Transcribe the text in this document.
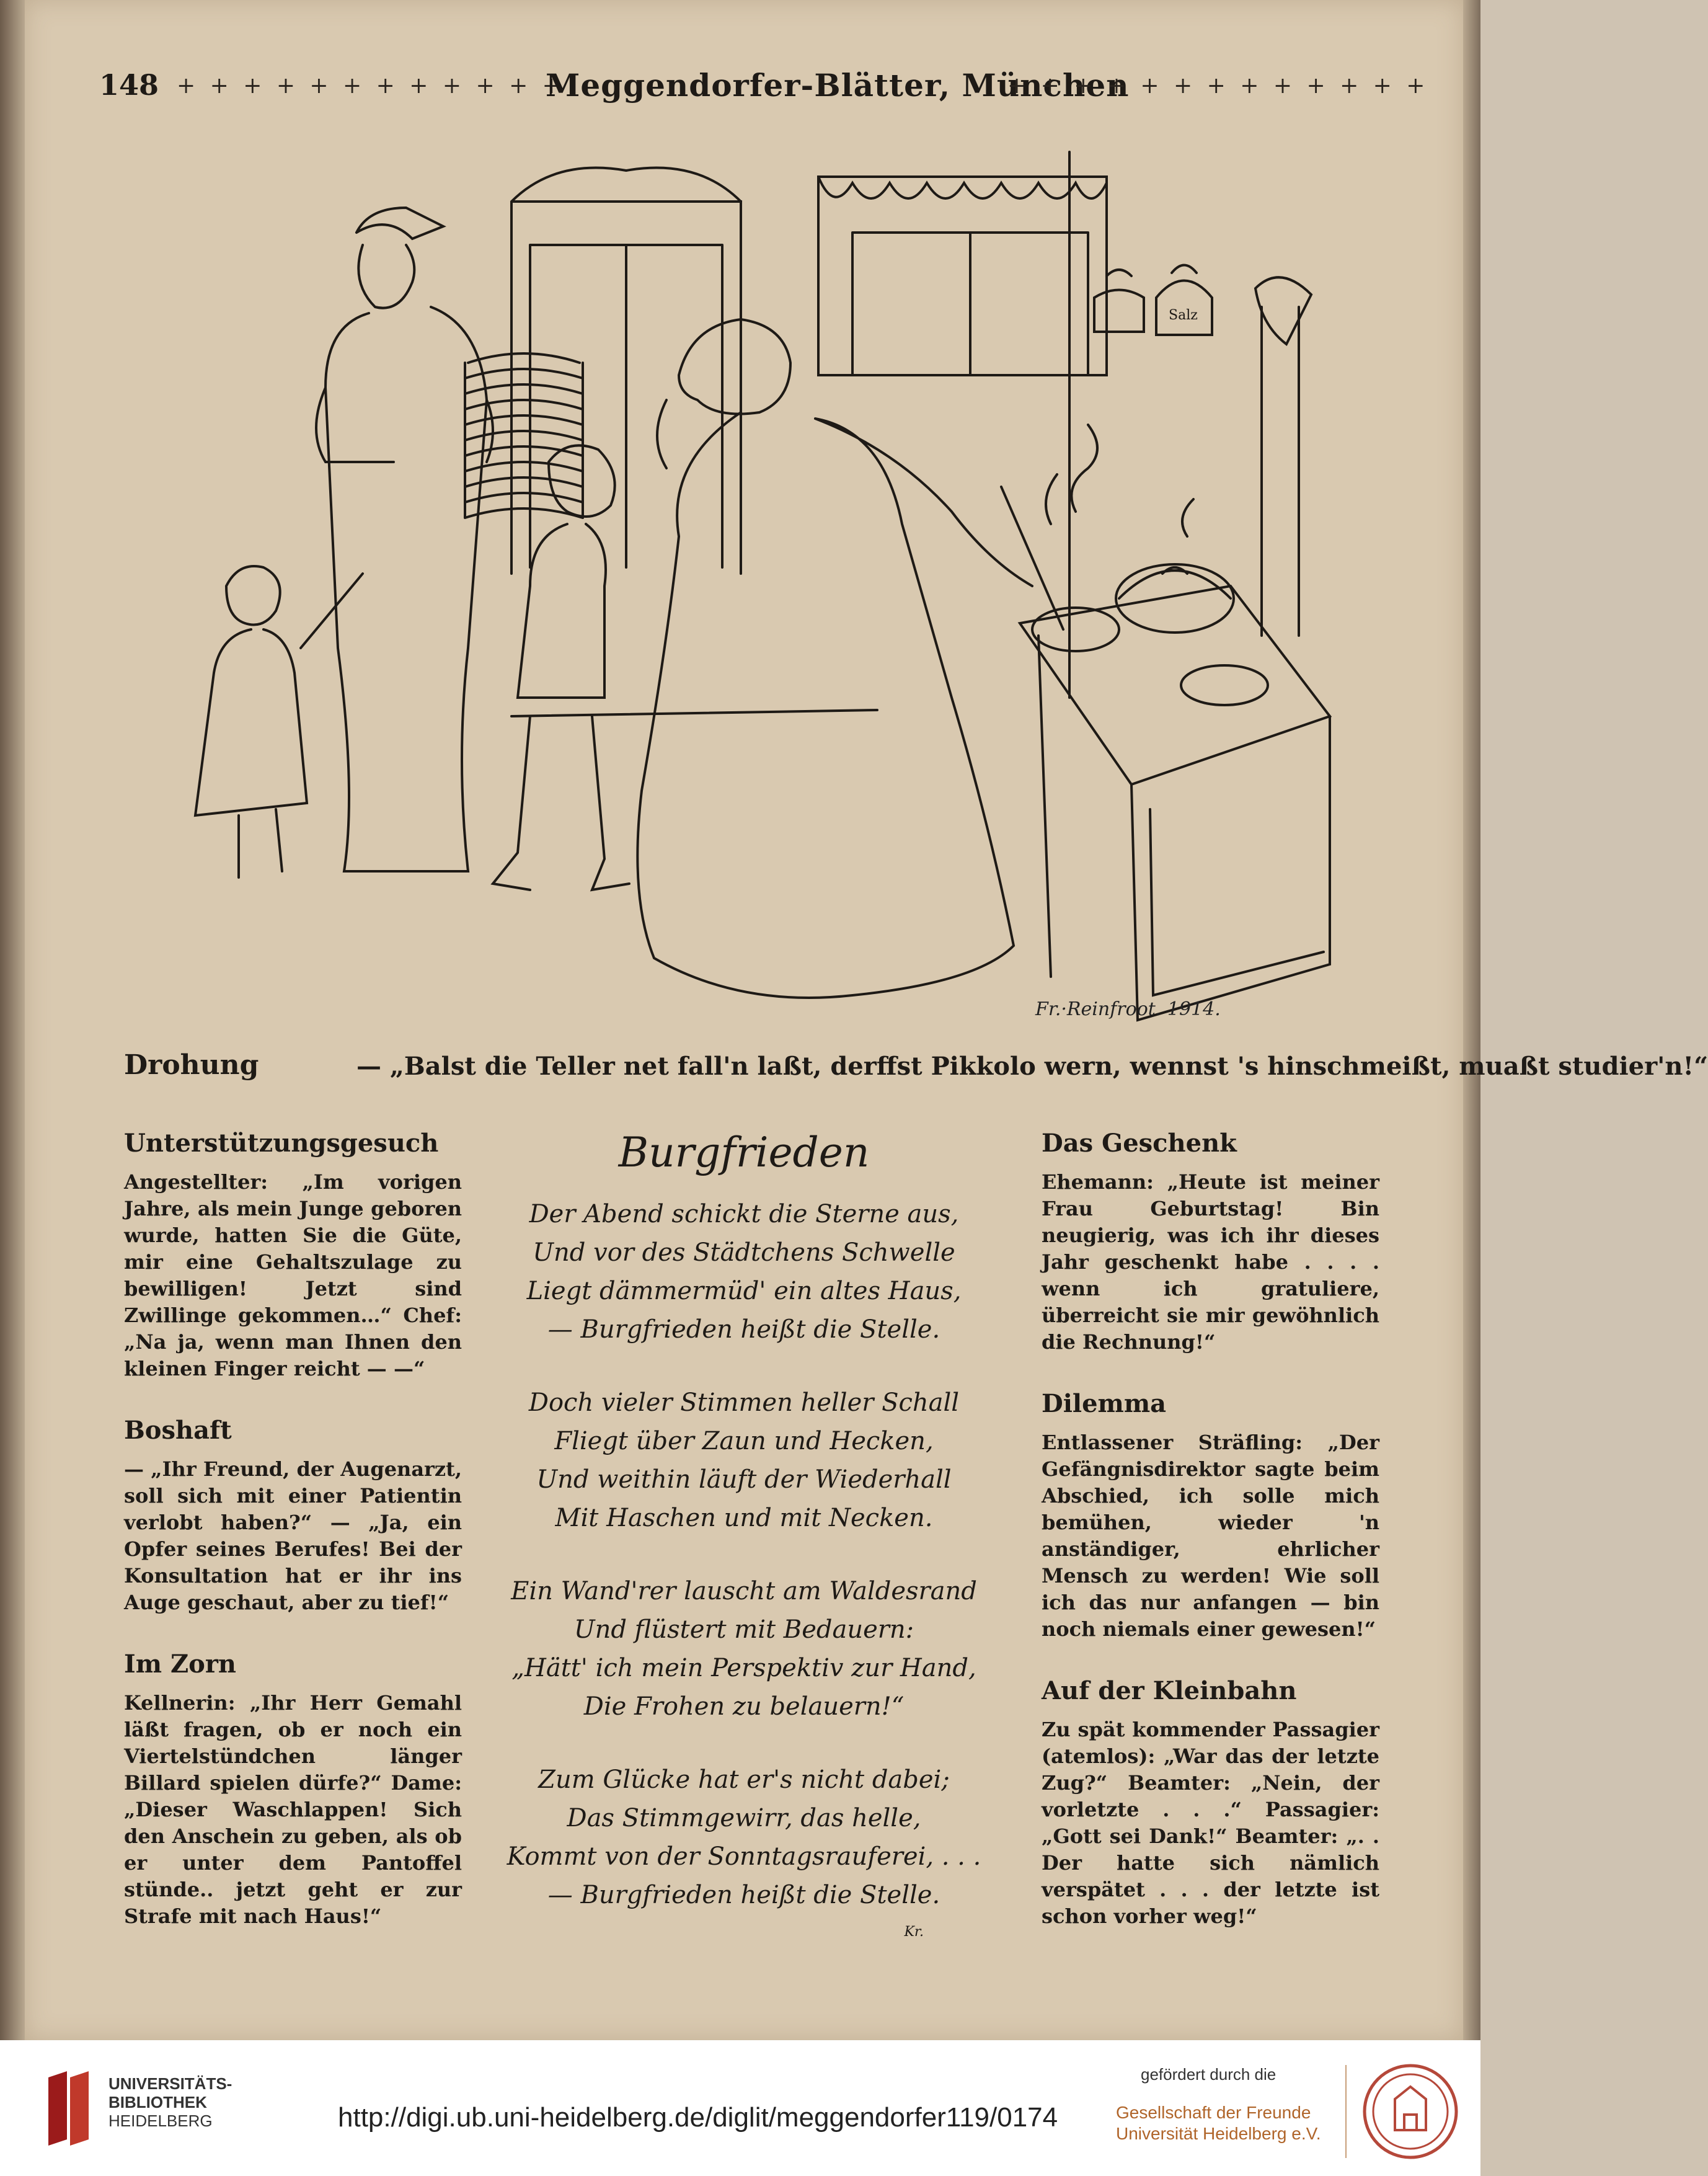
148 + + + + + + + + + + + +
Meggendorfer-Blätter, München
+ + + + + + + + + + + + +
Salz
Fr.·Reinfroot. 1914.
Drohung	— „Balst die Teller net fall'n laßt, derffst Pikkolo wern, wennst 's hinschmeißt, muaßt studier'n!“
Unterstützungsgesuch

Angestellter: „Im vorigen Jahre, als mein Junge geboren wurde, hatten Sie die Güte, mir eine Gehaltszulage zu bewilligen! Jetzt sind Zwillinge gekommen…“ Chef: „Na ja, wenn man Ihnen den kleinen Finger reicht — —“

Boshaft

— „Ihr Freund, der Augenarzt, soll sich mit einer Patientin verlobt haben?“ — „Ja, ein Opfer seines Berufes! Bei der Konsultation hat er ihr ins Auge geschaut, aber zu tief!“

Im Zorn

Kellnerin: „Ihr Herr Gemahl läßt fragen, ob er noch ein Viertelstündchen länger Billard spielen dürfe?“ Dame: „Dieser Waschlappen! Sich den Anschein zu geben, als ob er unter dem Pantoffel stünde.. jetzt geht er zur Strafe mit nach Haus!“

Burgfrieden
Der Abend schickt die Sterne aus,
Und vor des Städtchens Schwelle
Liegt dämmermüd' ein altes Haus,
— Burgfrieden heißt die Stelle.
Doch vieler Stimmen heller Schall
Fliegt über Zaun und Hecken,
Und weithin läuft der Wiederhall
Mit Haschen und mit Necken.
Ein Wand'rer lauscht am Waldesrand
Und flüstert mit Bedauern:
„Hätt' ich mein Perspektiv zur Hand,
Die Frohen zu belauern!“
Zum Glücke hat er's nicht dabei;
Das Stimmgewirr, das helle,
Kommt von der Sonntagsrauferei, . . .
— Burgfrieden heißt die Stelle.
Kr.
Das Geschenk

Ehemann: „Heute ist meiner Frau Geburtstag! Bin neugierig, was ich ihr dieses Jahr geschenkt habe . . . . wenn ich gratuliere, überreicht sie mir gewöhnlich die Rechnung!“

Dilemma

Entlassener Sträfling: „Der Gefängnisdirektor sagte beim Abschied, ich solle mich bemühen, wieder 'n anständiger, ehrlicher Mensch zu werden! Wie soll ich das nur anfangen — bin noch niemals einer gewesen!“

Auf der Kleinbahn

Zu spät kommender Passagier (atemlos): „War das der letzte Zug?“ Beamter: „Nein, der vorletzte . . .“ Passagier: „Gott sei Dank!“ Beamter: „. . Der hatte sich nämlich verspätet . . . der letzte ist schon vorher weg!“

UNIVERSITÄTS-
BIBLIOTHEK
HEIDELBERG	http://digi.ub.uni-heidelberg.de/diglit/meggendorfer119/0174
gefördert durch die
Gesellschaft der Freunde
Universität Heidelberg e.V.
